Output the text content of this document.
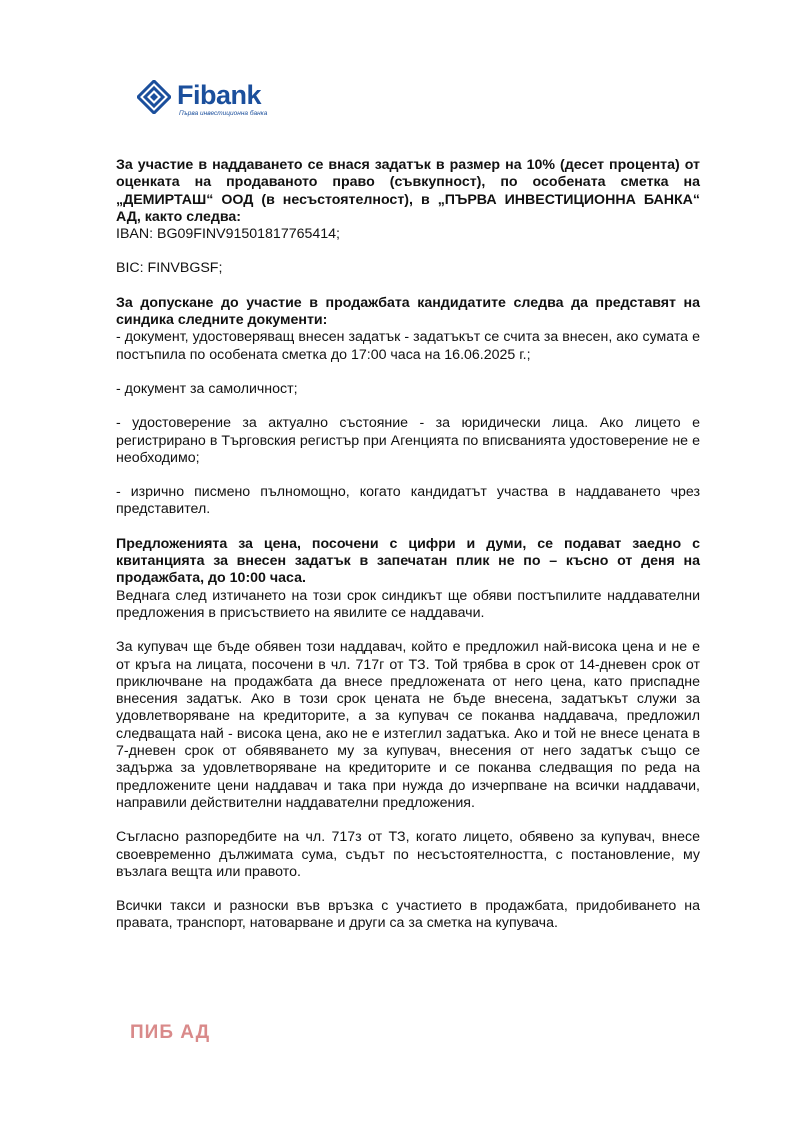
Fibank
Първа инвестиционна банка

За участие в наддаването се внася задатък в размер на 10% (десет процента) от оценката на продаваното право (съвкупност), по особената сметка на „ДЕМИРТАШ“ ООД (в несъстоятелност), в „ПЪРВА ИНВЕСТИЦИОННА БАНКА“ АД, както следва:

IBAN: BG09FINV91501817765414;

BIC: FINVBGSF;

За допускане до участие в продажбата кандидатите следва да представят на синдика следните документи:

- документ, удостоверяващ внесен задатък - задатъкът се счита за внесен, ако сумата е постъпила по особената сметка до 17:00 часа на 16.06.2025 г.;

- документ за самоличност;

- удостоверение за актуално състояние - за юридически лица. Ако лицето е регистрирано в Търговския регистър при Агенцията по вписванията удостоверение не е необходимо;

- изрично писмено пълномощно, когато кандидатът участва в наддаването чрез представител.

Предложенията за цена, посочени с цифри и думи, се подават заедно с квитанцията за внесен задатък в запечатан плик не по – късно от деня на продажбата, до 10:00 часа.

Веднага след изтичането на този срок синдикът ще обяви постъпилите наддавателни предложения в присъствието на явилите се наддавачи.

За купувач ще бъде обявен този наддавач, който е предложил най-висока цена и не е от кръга на лицата, посочени в чл. 717г от ТЗ. Той трябва в срок от 14-дневен срок от приключване на продажбата да внесе предложената от него цена, като приспадне внесения задатък. Ако в този срок цената не бъде внесена, задатъкът служи за удовлетворяване на кредиторите, а за купувач се поканва наддавача, предложил следващата най - висока цена, ако не е изтеглил задатъка. Ако и той не внесе цената в 7-дневен срок от обявяването му за купувач, внесения от него задатък също се задържа за удовлетворяване на кредиторите и се поканва следващия по реда на предложените цени наддавач и така при нужда до изчерпване на всички наддавачи, направили действителни наддавателни предложения.

Съгласно разпоредбите на чл. 717з от ТЗ, когато лицето, обявено за купувач, внесе своевременно дължимата сума, съдът по несъстоятелността, с постановление, му възлага вещта или правото.

Всички такси и разноски във връзка с участието в продажбата, придобиването на правата, транспорт, натоварване и други са за сметка на купувача.

ПИБ АД
